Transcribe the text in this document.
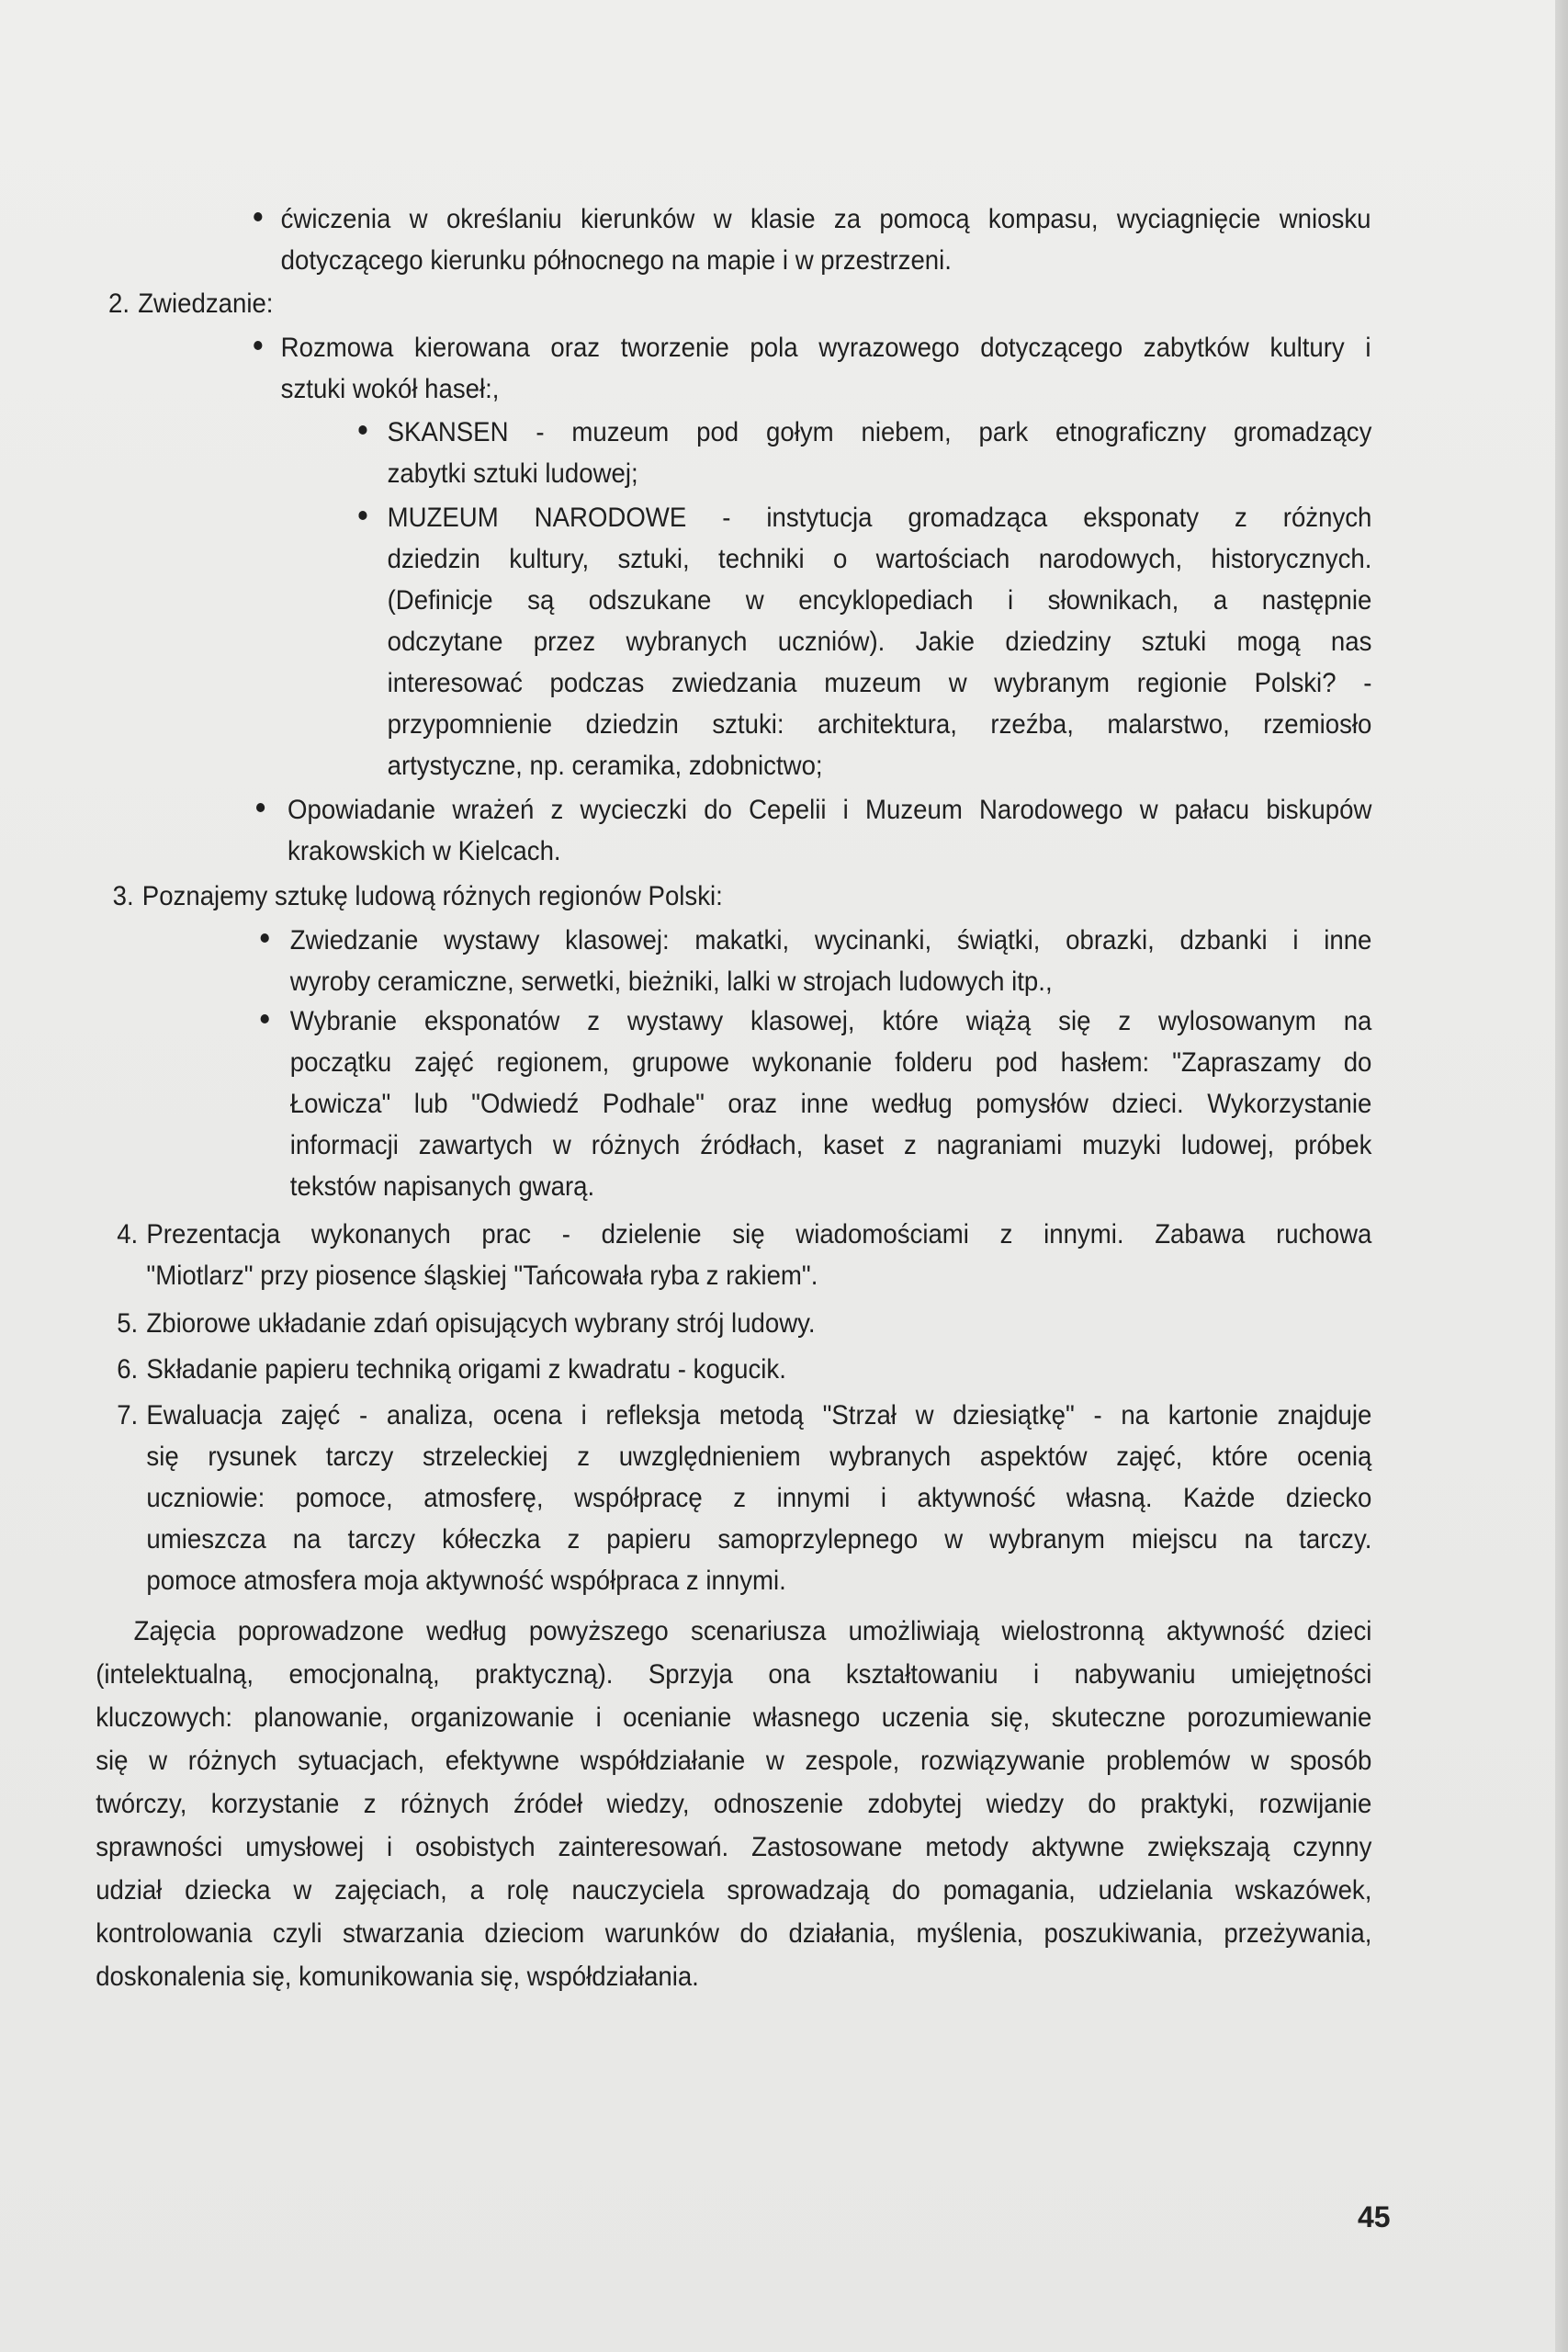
ćwiczenia w określaniu kierunków w klasie za pomocą kompasu, wyciagnięcie wniosku
dotyczącego kierunku północnego na mapie i w przestrzeni.
2. Zwiedzanie:
Rozmowa kierowana oraz tworzenie pola wyrazowego dotyczącego zabytków kultury i
sztuki wokół haseł:,
SKANSEN - muzeum pod gołym niebem, park etnograficzny gromadzący
zabytki sztuki ludowej;
MUZEUM NARODOWE - instytucja gromadząca eksponaty z różnych
dziedzin kultury, sztuki, techniki o wartościach narodowych, historycznych.
(Definicje są odszukane w encyklopediach i słownikach, a następnie
odczytane przez wybranych uczniów). Jakie dziedziny sztuki mogą nas
interesować podczas zwiedzania muzeum w wybranym regionie Polski? -
przypomnienie dziedzin sztuki: architektura, rzeźba, malarstwo, rzemiosło
artystyczne, np. ceramika, zdobnictwo;
Opowiadanie wrażeń z wycieczki do Cepelii i Muzeum Narodowego w pałacu biskupów
krakowskich w Kielcach.
3. Poznajemy sztukę ludową różnych regionów Polski:
Zwiedzanie wystawy klasowej: makatki, wycinanki, świątki, obrazki, dzbanki i inne
wyroby ceramiczne, serwetki, bieżniki, lalki w strojach ludowych itp.,
Wybranie eksponatów z wystawy klasowej, które wiążą się z wylosowanym na
początku zajęć regionem, grupowe wykonanie folderu pod hasłem: "Zapraszamy do
Łowicza" lub "Odwiedź Podhale" oraz inne według pomysłów dzieci. Wykorzystanie
informacji zawartych w różnych źródłach, kaset z nagraniami muzyki ludowej, próbek
tekstów napisanych gwarą.
4. Prezentacja wykonanych prac - dzielenie się wiadomościami z innymi. Zabawa ruchowa
"Miotlarz" przy piosence śląskiej "Tańcowała ryba z rakiem".
5. Zbiorowe układanie zdań opisujących wybrany strój ludowy.
6. Składanie papieru techniką origami z kwadratu - kogucik.
7. Ewaluacja zajęć - analiza, ocena i refleksja metodą "Strzał w dziesiątkę" - na kartonie znajduje
się rysunek tarczy strzeleckiej z uwzględnieniem wybranych aspektów zajęć, które ocenią
uczniowie: pomoce, atmosferę, współpracę z innymi i aktywność własną. Każde dziecko
umieszcza na tarczy kółeczka z papieru samoprzylepnego w wybranym miejscu na tarczy.
pomoce atmosfera moja aktywność współpraca z innymi.
Zajęcia poprowadzone według powyższego scenariusza umożliwiają wielostronną aktywność dzieci
(intelektualną, emocjonalną, praktyczną). Sprzyja ona kształtowaniu i nabywaniu umiejętności
kluczowych: planowanie, organizowanie i ocenianie własnego uczenia się, skuteczne porozumiewanie
się w różnych sytuacjach, efektywne współdziałanie w zespole, rozwiązywanie problemów w sposób
twórczy, korzystanie z różnych źródeł wiedzy, odnoszenie zdobytej wiedzy do praktyki, rozwijanie
sprawności umysłowej i osobistych zainteresowań. Zastosowane metody aktywne zwiększają czynny
udział dziecka w zajęciach, a rolę nauczyciela sprowadzają do pomagania, udzielania wskazówek,
kontrolowania czyli stwarzania dzieciom warunków do działania, myślenia, poszukiwania, przeżywania,
doskonalenia się, komunikowania się, współdziałania.
45
